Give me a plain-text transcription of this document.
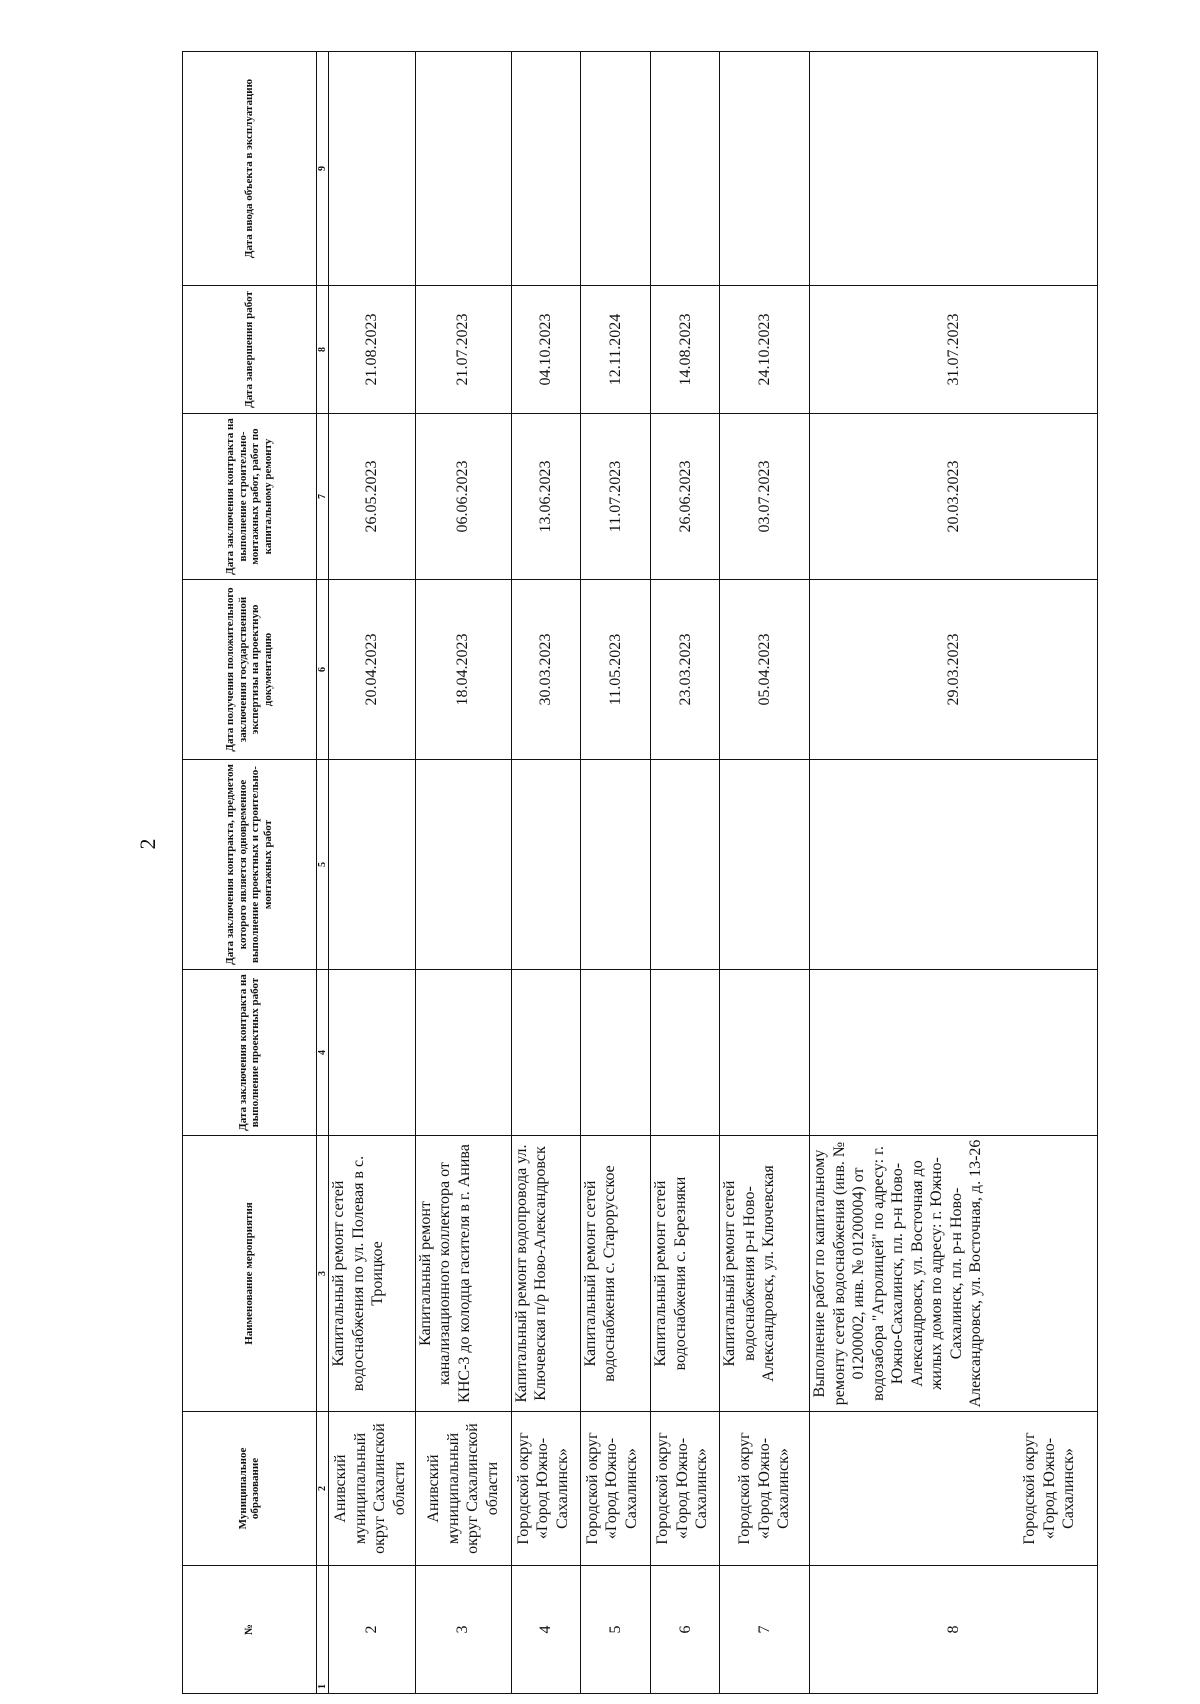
2
№	Муниципальное образование	Наименование мероприятия	Дата заключения контракта на выполнение проектных работ	Дата заключения контракта, предметом которого является одновременное выполнение проектных и строительно-монтажных работ	Дата получения положительного заключения государственной экспертизы на проектную документацию	Дата заключения контракта на выполнение строительно-монтажных работ, работ по капитальному ремонту	Дата завершения работ	Дата ввода объекта в эксплуатацию
1	2	3	4	5	6	7	8	9
2	Анивский муниципальный округ Сахалинской области	Капитальный ремонт сетей водоснабжения по ул. Полевая в с. Троицкое			20.04.2023	26.05.2023	21.08.2023	
3	Анивский муниципальный округ Сахалинской области	Капитальный ремонт канализационного коллектора от КНС-3 до колодца гасителя в г. Анива			18.04.2023	06.06.2023	21.07.2023	
4	Городской округ «Город Южно-Сахалинск»	Капитальный ремонт водопровода ул. Ключевская п/р Ново-Александровск			30.03.2023	13.06.2023	04.10.2023	
5	Городской округ «Город Южно-Сахалинск»	Капитальный ремонт сетей водоснабжения с. Старорусское			11.05.2023	11.07.2023	12.11.2024	
6	Городской округ «Город Южно-Сахалинск»	Капитальный ремонт сетей водоснабжения с. Березняки			23.03.2023	26.06.2023	14.08.2023	
7	Городской округ «Город Южно-Сахалинск»	Капитальный ремонт сетей водоснабжения р-н Ново-Александровск, ул. Ключевская			05.04.2023	03.07.2023	24.10.2023	
8	Городской округ «Город Южно-Сахалинск»	Выполнение работ по капитальному ремонту сетей водоснабжения (инв. № 01200002, инв. № 01200004) от водозабора "Агролицей" по адресу: г. Южно-Сахалинск, пл. р-н Ново-Александровск, ул. Восточная до жилых домов по адресу: г. Южно-Сахалинск, пл. р-н Ново-Александровск, ул. Восточная, д. 13-26			29.03.2023	20.03.2023	31.07.2023	
